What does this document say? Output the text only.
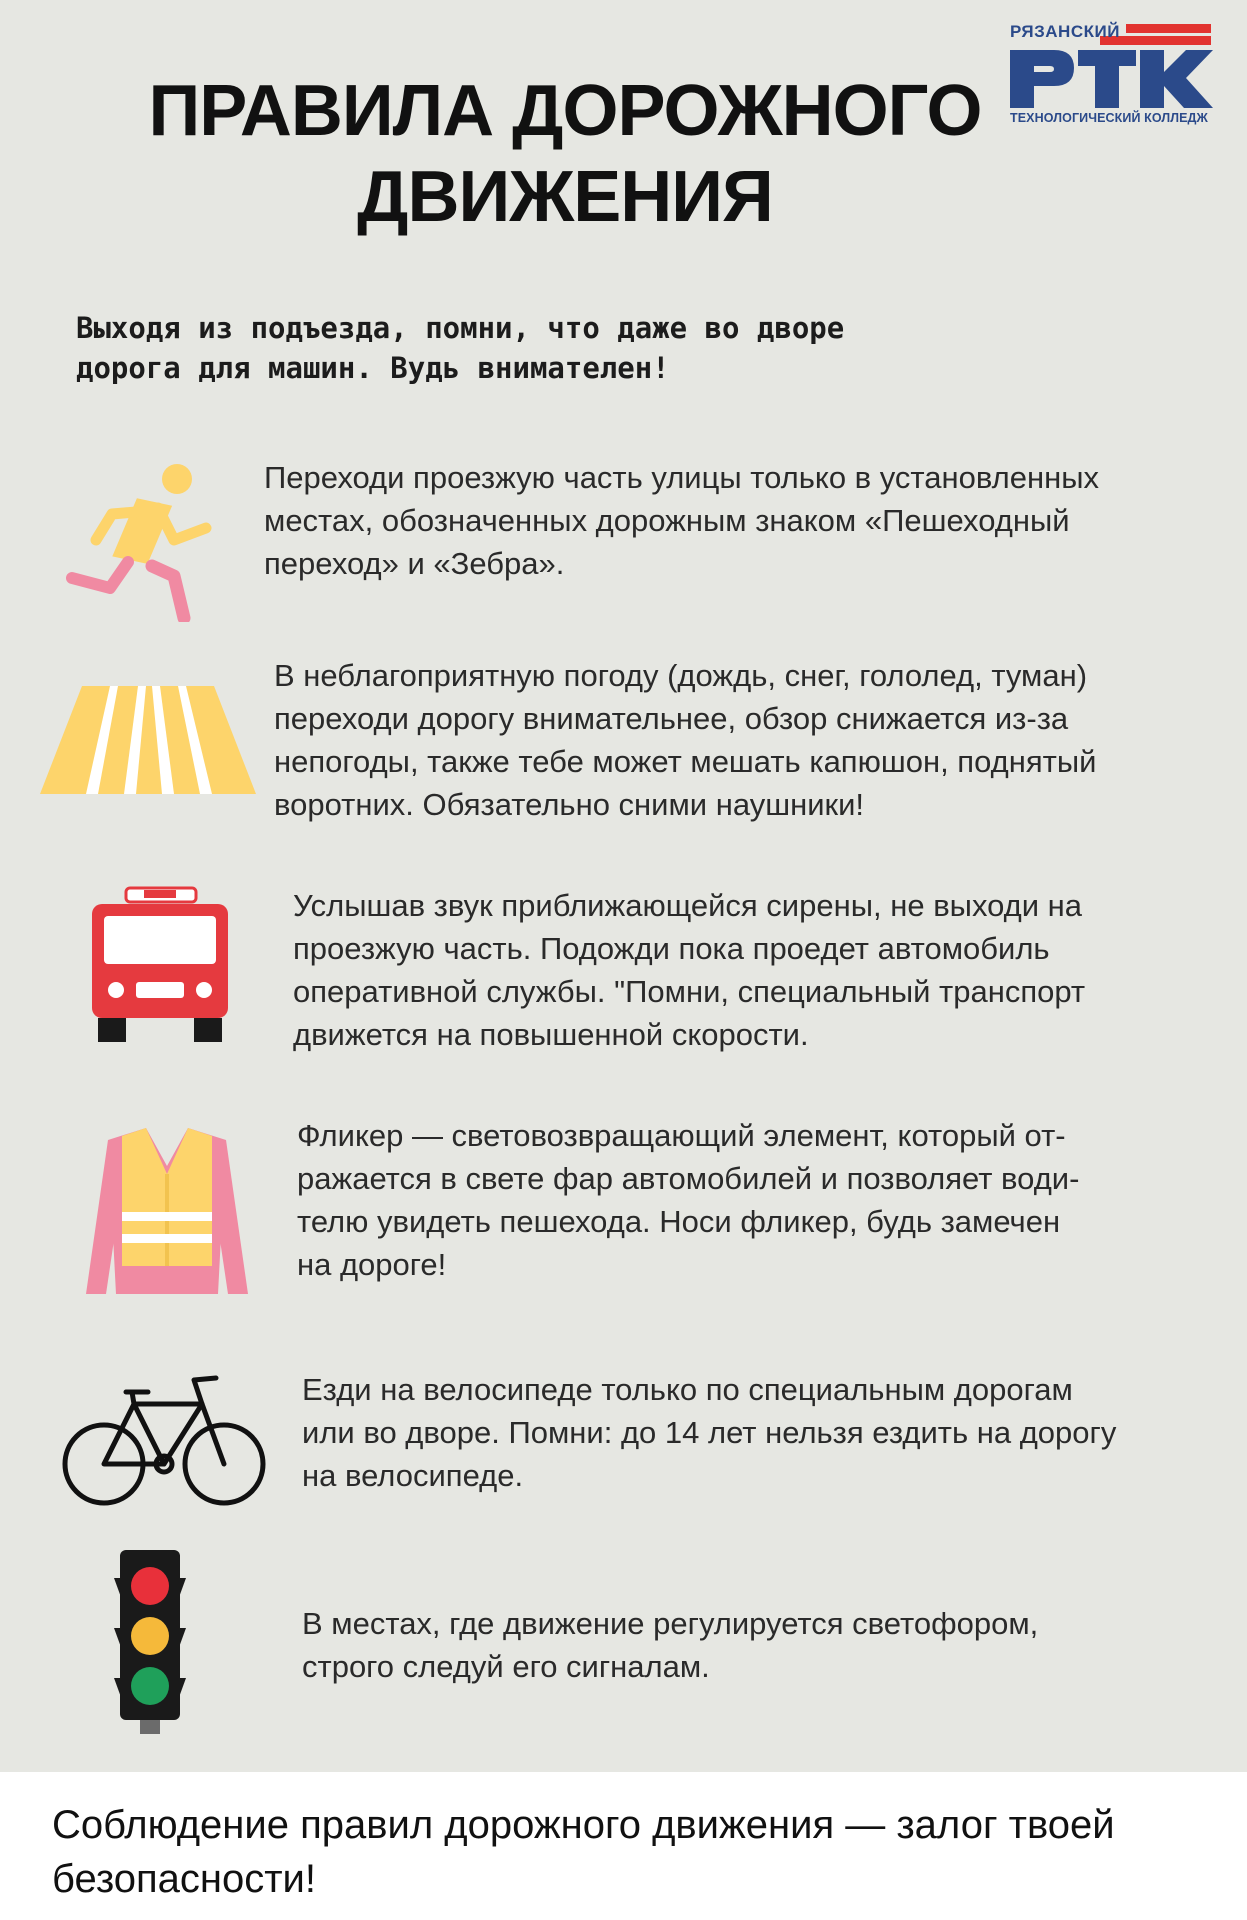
ПРАВИЛА ДОРОЖНОГО
ДВИЖЕНИЯ
РЯЗАНСКИЙ
ТЕХНОЛОГИЧЕСКИЙ КОЛЛЕДЖ

Выходя из подъезда, помни, что даже во дворе
дорога для машин. Вудь внимателен!

Переходи проезжую часть улицы только в установленных
местах, обозначенных дорожным знаком «Пешеходный
переход» и «Зебра».
В неблагоприятную погоду (дождь, снег, гололед, туман)
переходи дорогу внимательнее, обзор снижается из-за
непогоды, также тебе может мешать капюшон, поднятый
воротних. Обязательно сними наушники!
Услышав звук приближающейся сирены, не выходи на
проезжую часть. Подожди пока проедет автомобиль
оперативной службы. "Помни, специальный транспорт
движется на повышенной скорости.
Фликер — световозвращающий элемент, который от-
ражается в свете фар автомобилей и позволяет води-
телю увидеть пешехода. Носи фликер, будь замечен
на дороге!
Езди на велосипеде только по специальным дорогам
или во дворе. Помни: до 14 лет нельзя ездить на дорогу
на велосипеде.
В местах, где движение регулируется светофором,
строго следуй его сигналам.

Соблюдение правил дорожного движения — залог твоей
безопасности!
